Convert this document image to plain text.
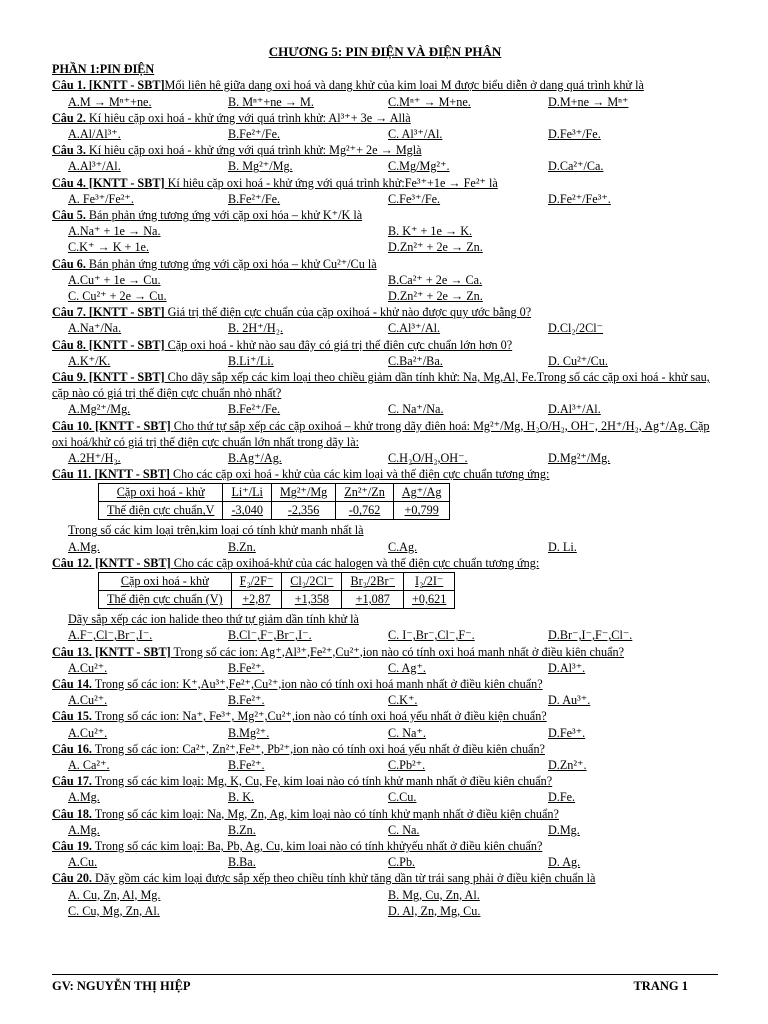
CHƯƠNG 5: PIN ĐIỆN VÀ ĐIỆN PHÂN
PHẦN 1:PIN ĐIỆN
Câu 1. [KNTT - SBT]Mối liên hê giữa dang oxi hoá và dang khử của kim loai M được biểu diễn ở dang quá trình khử là
A.M → Mⁿ⁺+ne.	B. Mⁿ⁺+ne → M.	C.Mⁿ⁺ → M+ne.	D.M+ne → Mⁿ⁺
Câu 2. Kí hiêu cặp oxi hoá - khử ứng với quá trình khử: Al³⁺+ 3e → Allà
A.Al/Al³⁺.	B.Fe²⁺/Fe.	C. Al³⁺/Al.	D.Fe³⁺/Fe.
Câu 3. Kí hiêu cặp oxi hoá - khử ứng với quá trình khử: Mg²⁺+ 2e → Mglà
A.Al³⁺/Al.	B. Mg²⁺/Mg.	C.Mg/Mg²⁺.	D.Ca²⁺/Ca.
Câu 4. [KNTT - SBT] Kí hiêu cặp oxi hoá - khử ứng với quá trình khử:Fe³⁺+1e → Fe²⁺ là
A. Fe³⁺/Fe²⁺.	B.Fe²⁺/Fe.	C.Fe³⁺/Fe.	D.Fe²⁺/Fe³⁺.
Câu 5. Bán phản ứng tương ứng với cặp oxi hóa – khử K⁺/K là
A.Na⁺ + 1e → Na.	B. K⁺ + 1e → K.
C.K⁺ → K + 1e.	D.Zn²⁺ + 2e → Zn.
Câu 6. Bán phản ứng tương ứng với cặp oxi hóa – khử Cu²⁺/Cu là
A.Cu⁺ + 1e → Cu.	B.Ca²⁺ + 2e → Ca.
C. Cu²⁺ + 2e → Cu.	D.Zn²⁺ + 2e → Zn.
Câu 7. [KNTT - SBT] Giá trị thế điện cực chuẩn của cặp oxihoá - khử nào được quy ước bằng 0?
A.Na⁺/Na.	B. 2H⁺/H₂.	C.Al³⁺/Al.	D.Cl₂/2Cl⁻
Câu 8. [KNTT - SBT] Cặp oxi hoá - khử nào sau đây có giá trị thế điên cực chuẩn lớn hơn 0?
A.K⁺/K.	B.Li⁺/Li.	C.Ba²⁺/Ba.	D. Cu²⁺/Cu.
Câu 9. [KNTT - SBT] Cho dãy sắp xếp các kim loại theo chiều giảm dần tính khử: Na, Mg,Al, Fe.Trong số các cặp oxi hoá - khử sau, cặp nào có giá trị thế điện cực chuẩn nhỏ nhất?
A.Mg²⁺/Mg.	B.Fe²⁺/Fe.	C. Na⁺/Na.	D.Al³⁺/Al.
Câu 10. [KNTT - SBT] Cho thứ tự sắp xếp các cặp oxihoá – khử trong dãy điên hoá: Mg²⁺/Mg, H₂O/H₂, OH⁻, 2H⁺/H₂, Ag⁺/Ag. Cặp oxi hoá/khử có giá trị thế điện cực chuẩn lớn nhất trong dãy là:
A.2H⁺/H₂.	B.Ag⁺/Ag.	C.H₂O/H₂,OH⁻.	D.Mg²⁺/Mg.
Câu 11. [KNTT - SBT] Cho các cặp oxi hoá - khử của các kim loại và thế điện cực chuẩn tương ứng:
Cặp oxi hoá - khử	Li⁺/Li	Mg²⁺/Mg	Zn²⁺/Zn	Ag⁺/Ag
Thế điện cực chuẩn,V	-3,040	-2,356	-0,762	+0,799
Trong số các kim loại trên,kim loại có tính khử manh nhất là
A.Mg.	B.Zn.	C.Ag.	D. Li.
Câu 12. [KNTT - SBT] Cho các cặp oxihoá-khử của các halogen và thế điện cực chuẩn tương ứng:
Cặp oxi hoá - khử	F₂/2F⁻	Cl₂/2Cl⁻	Br₂/2Br⁻	I₂/2I⁻
Thế điện cực chuẩn (V)	+2,87	+1,358	+1,087	+0,621
Dãy sắp xếp các ion halide theo thứ tự giảm dần tính khử là
A.F⁻,Cl⁻,Br⁻,I⁻.	B.Cl⁻,F⁻,Br⁻,I⁻.	C. I⁻,Br⁻,Cl⁻,F⁻.	D.Br⁻,I⁻,F⁻,Cl⁻.
Câu 13. [KNTT - SBT] Trong số các ion: Ag⁺,Al³⁺,Fe²⁺,Cu²⁺,ion nào có tính oxi hoá manh nhất ở điều kiên chuẩn?
A.Cu²⁺.	B.Fe²⁺.	C. Ag⁺.	D.Al³⁺.
Câu 14. Trong số các ion: K⁺,Au³⁺,Fe²⁺,Cu²⁺,ion nào có tính oxi hoá manh nhất ở điều kiên chuẩn?
A.Cu²⁺.	B.Fe²⁺.	C.K⁺.	D. Au³⁺.
Câu 15. Trong số các ion: Na⁺, Fe³⁺, Mg²⁺,Cu²⁺,ion nào có tính oxi hoá yếu nhất ở điều kiện chuẩn?
A.Cu²⁺.	B.Mg²⁺.	C. Na⁺.	D.Fe³⁺.
Câu 16. Trong số các ion: Ca²⁺, Zn²⁺,Fe²⁺, Pb²⁺,ion nào có tính oxi hoá yếu nhất ở điều kiên chuẩn?
A. Ca²⁺.	B.Fe²⁺.	C.Pb²⁺.	D.Zn²⁺.
Câu 17. Trong số các kim loại: Mg, K, Cu, Fe, kim loai nào có tính khử manh nhất ở điều kiên chuẩn?
A.Mg.	B. K.	C.Cu.	D.Fe.
Câu 18. Trong số các kim loại: Na, Mg, Zn, Ag, kim loại nào có tính khử mạnh nhất ở điều kiện chuẩn?
A.Mg.	B.Zn.	C. Na.	D.Mg.
Câu 19. Trong số các kim loại: Ba, Pb, Ag, Cu, kim loai nào có tính khửyếu nhất ở điều kiên chuẩn?
A.Cu.	B.Ba.	C.Pb.	D. Ag.
Câu 20. Dãy gồm các kim loại được sắp xếp theo chiều tính khử tăng dần từ trái sang phải ở điều kiện chuẩn là
A. Cu, Zn, Al, Mg.	B. Mg, Cu, Zn, Al.
C. Cu, Mg, Zn, Al.	D. Al, Zn, Mg, Cu.
GV: NGUYỄN THỊ HIỆP	TRANG 1
